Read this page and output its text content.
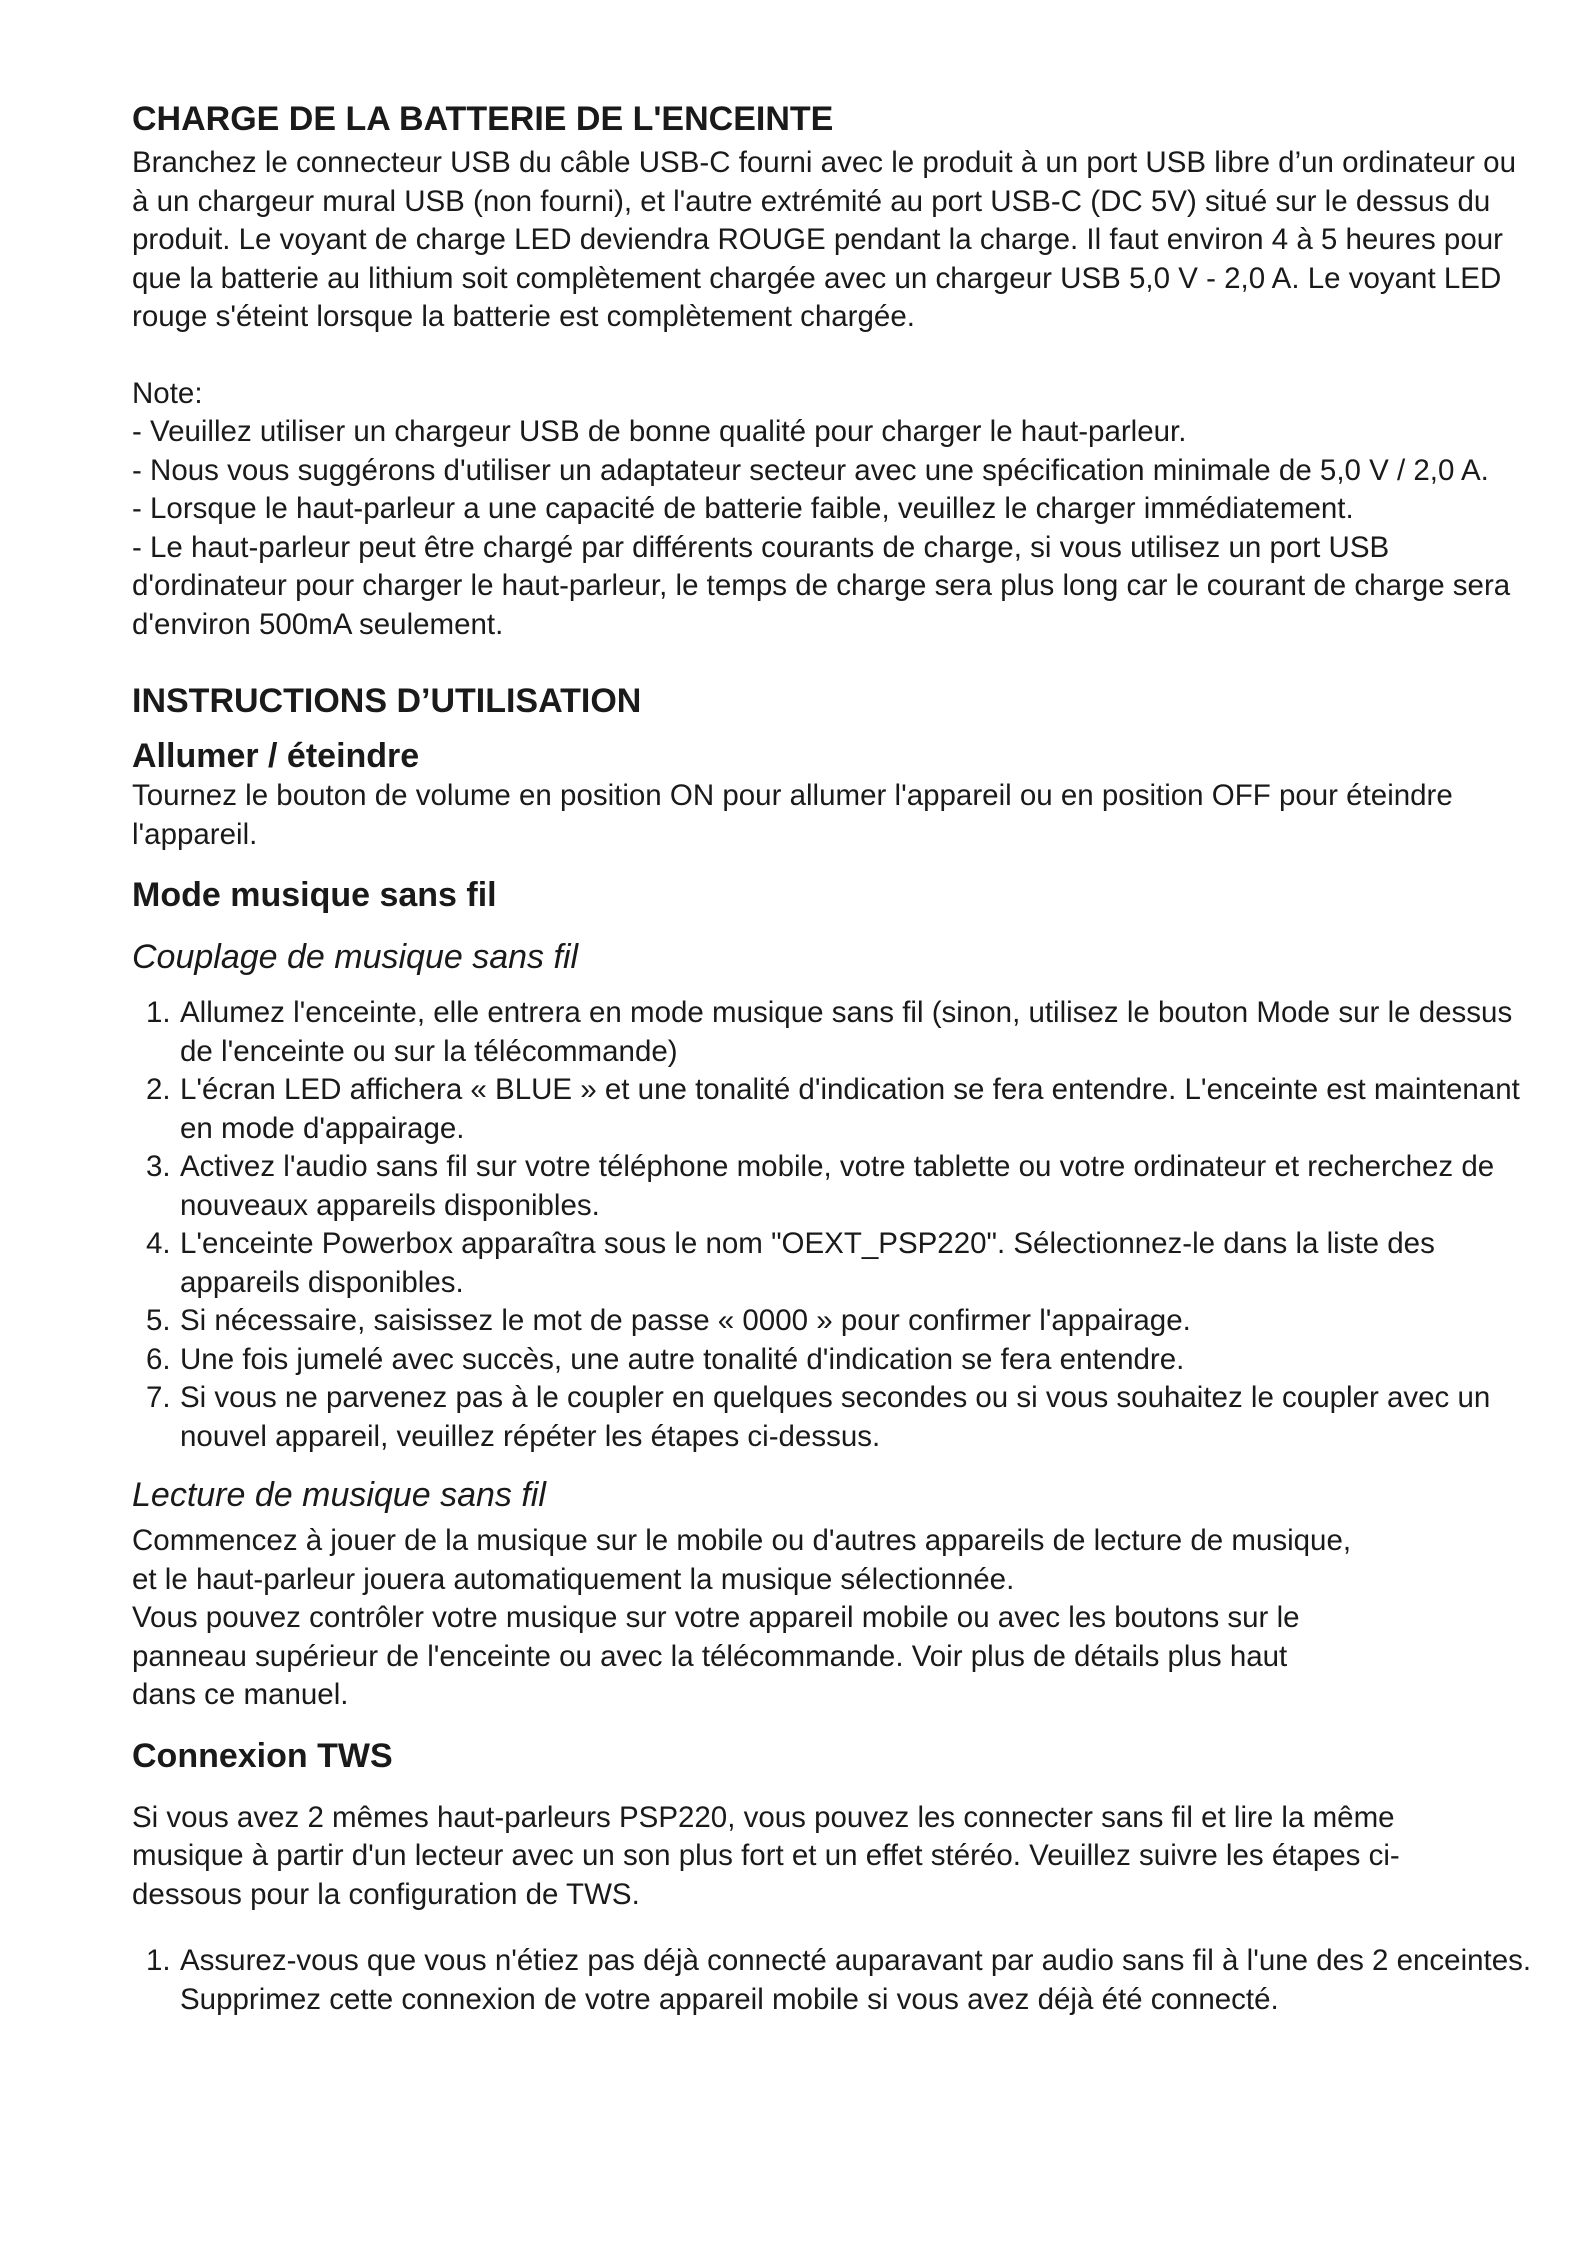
CHARGE DE LA BATTERIE DE L'ENCEINTE

Branchez le connecteur USB du câble USB-C fourni avec le produit à un port USB libre d’un ordinateur ou à un chargeur mural USB (non fourni), et l'autre extrémité au port USB-C (DC 5V) situé sur le dessus du produit. Le voyant de charge LED deviendra ROUGE pendant la charge. Il faut environ 4 à 5 heures pour que la batterie au lithium soit complètement chargée avec un chargeur USB 5,0 V - 2,0 A. Le voyant LED rouge s'éteint lorsque la batterie est complètement chargée.

Note:

- Veuillez utiliser un chargeur USB de bonne qualité pour charger le haut-parleur.

- Nous vous suggérons d'utiliser un adaptateur secteur avec une spécification minimale de 5,0 V / 2,0 A.

- Lorsque le haut-parleur a une capacité de batterie faible, veuillez le charger immédiatement.

- Le haut-parleur peut être chargé par différents courants de charge, si vous utilisez un port USB d'ordinateur pour charger le haut-parleur, le temps de charge sera plus long car le courant de charge sera d'environ 500mA seulement.

INSTRUCTIONS D’UTILISATION
Allumer / éteindre

Tournez le bouton de volume en position ON pour allumer l'appareil ou en position OFF pour éteindre l'appareil.

Mode musique sans fil
Couplage de musique sans fil
1. Allumez l'enceinte, elle entrera en mode musique sans fil (sinon, utilisez le bouton Mode sur le dessus de l'enceinte ou sur la télécommande)
2. L'écran LED affichera « BLUE » et une tonalité d'indication se fera entendre. L'enceinte est maintenant en mode d'appairage.
3. Activez l'audio sans fil sur votre téléphone mobile, votre tablette ou votre ordinateur et recherchez de nouveaux appareils disponibles.
4. L'enceinte Powerbox apparaîtra sous le nom "OEXT_PSP220". Sélectionnez-le dans la liste des appareils disponibles.
5. Si nécessaire, saisissez le mot de passe « 0000 » pour confirmer l'appairage.
6. Une fois jumelé avec succès, une autre tonalité d'indication se fera entendre.
7. Si vous ne parvenez pas à le coupler en quelques secondes ou si vous souhaitez le coupler avec un nouvel appareil, veuillez répéter les étapes ci-dessus.
Lecture de musique sans fil

Commencez à jouer de la musique sur le mobile ou d'autres appareils de lecture de musique,

et le haut-parleur jouera automatiquement la musique sélectionnée.

Vous pouvez contrôler votre musique sur votre appareil mobile ou avec les boutons sur le

panneau supérieur de l'enceinte ou avec la télécommande. Voir plus de détails plus haut

dans ce manuel.

Connexion TWS

Si vous avez 2 mêmes haut-parleurs PSP220, vous pouvez les connecter sans fil et lire la même musique à partir d'un lecteur avec un son plus fort et un effet stéréo. Veuillez suivre les étapes ci-dessous pour la configuration de TWS.

1. Assurez-vous que vous n'étiez pas déjà connecté auparavant par audio sans fil à l'une des 2 enceintes. Supprimez cette connexion de votre appareil mobile si vous avez déjà été connecté.
